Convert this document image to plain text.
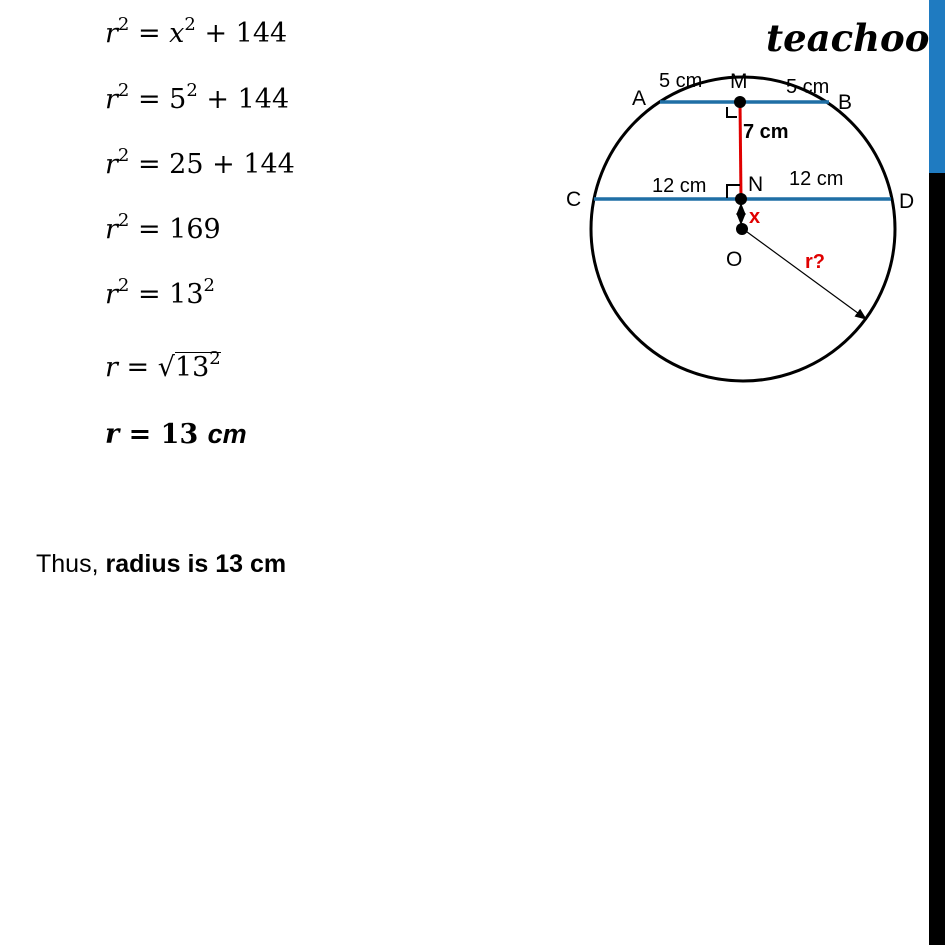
teachoo
$r^2 = x^2 + 144$
$r^2 = 5^2 + 144$
$r^2 = 25 + 144$
$r^2 = 169$
$r^2 = 13^2$
$r = √13^2$
r = 13 cm
Thus, radius is 13 cm
A	B
C	D
M
N
O
5 cm	5 cm
12 cm	12 cm
7 cm
x
r?
